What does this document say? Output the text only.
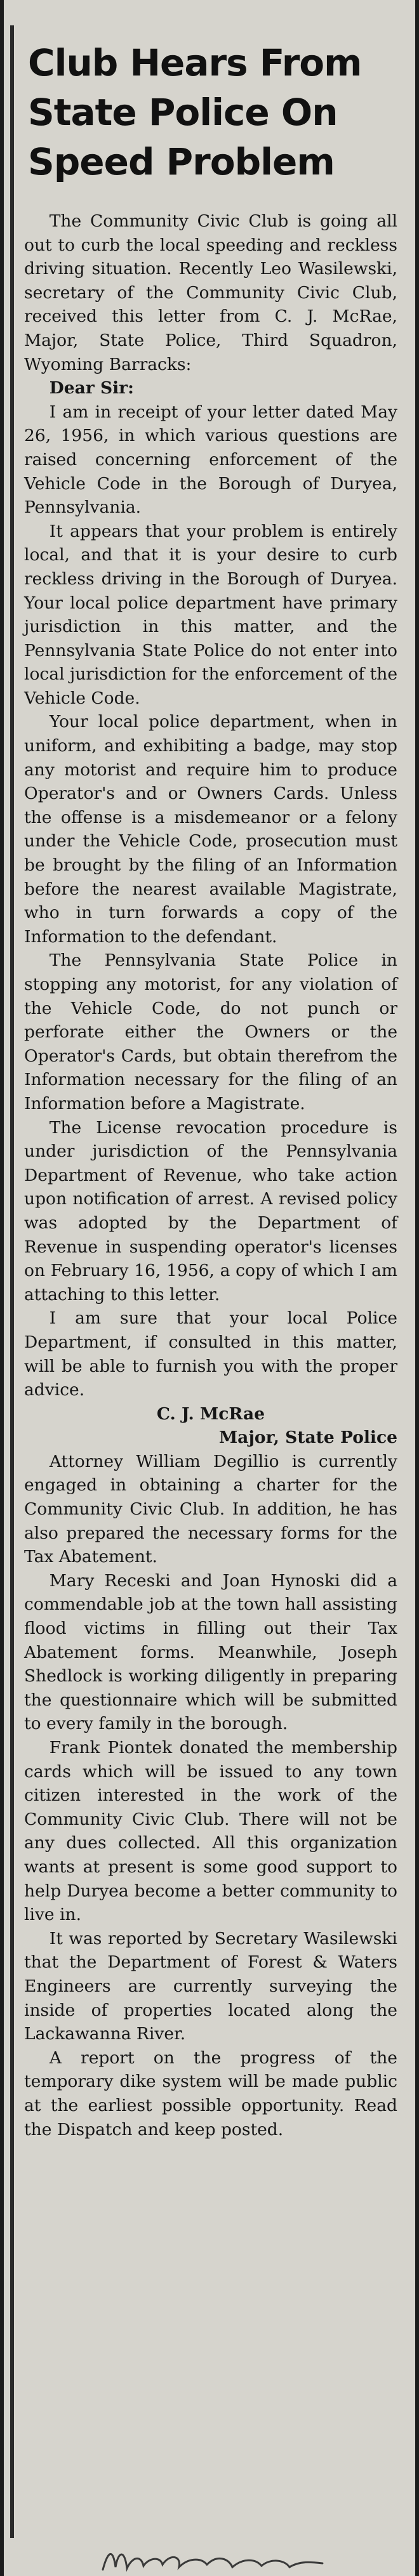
Club Hears From
State Police On
Speed Problem

The Community Civic Club is going all out to curb the local speeding and reckless driving situation. Recently Leo Wasilewski, secretary of the Community Civic Club, received this letter from C. J. McRae, Major, State Police, Third Squadron, Wyoming Barracks:

Dear Sir:

I am in receipt of your letter dated May 26, 1956, in which various questions are raised concerning enforcement of the Vehicle Code in the Borough of Duryea, Pennsylvania.

It appears that your problem is entirely local, and that it is your desire to curb reckless driving in the Borough of Duryea. Your local police department have primary jurisdiction in this matter, and the Pennsylvania State Police do not enter into local jurisdiction for the enforcement of the Vehicle Code.

Your local police department, when in uniform, and exhibiting a badge, may stop any motorist and require him to produce Operator's and or Owners Cards. Unless the offense is a misdemeanor or a felony under the Vehicle Code, prosecution must be brought by the filing of an Information before the nearest available Magistrate, who in turn forwards a copy of the Information to the defendant.

The Pennsylvania State Police in stopping any motorist, for any violation of the Vehicle Code, do not punch or perforate either the Owners or the Operator's Cards, but obtain therefrom the Information necessary for the filing of an Information before a Magistrate.

The License revocation procedure is under jurisdiction of the Pennsylvania Department of Revenue, who take action upon notification of arrest. A revised policy was adopted by the Department of Revenue in suspending operator's licenses on February 16, 1956, a copy of which I am attaching to this letter.

I am sure that your local Police Department, if consulted in this matter, will be able to furnish you with the proper advice.

C. J. McRae

Major, State Police

Attorney William Degillio is currently engaged in obtaining a charter for the Community Civic Club. In addition, he has also prepared the necessary forms for the Tax Abatement.

Mary Receski and Joan Hynoski did a commendable job at the town hall assisting flood victims in filling out their Tax Abatement forms. Meanwhile, Joseph Shedlock is working diligently in preparing the questionnaire which will be submitted to every family in the borough.

Frank Piontek donated the membership cards which will be issued to any town citizen interested in the work of the Community Civic Club. There will not be any dues collected. All this organization wants at present is some good support to help Duryea become a better community to live in.

It was reported by Secretary Wasilewski that the Department of Forest & Waters Engineers are currently surveying the inside of properties located along the Lackawanna River.

A report on the progress of the temporary dike system will be made public at the earliest possible opportunity. Read the Dispatch and keep posted.
